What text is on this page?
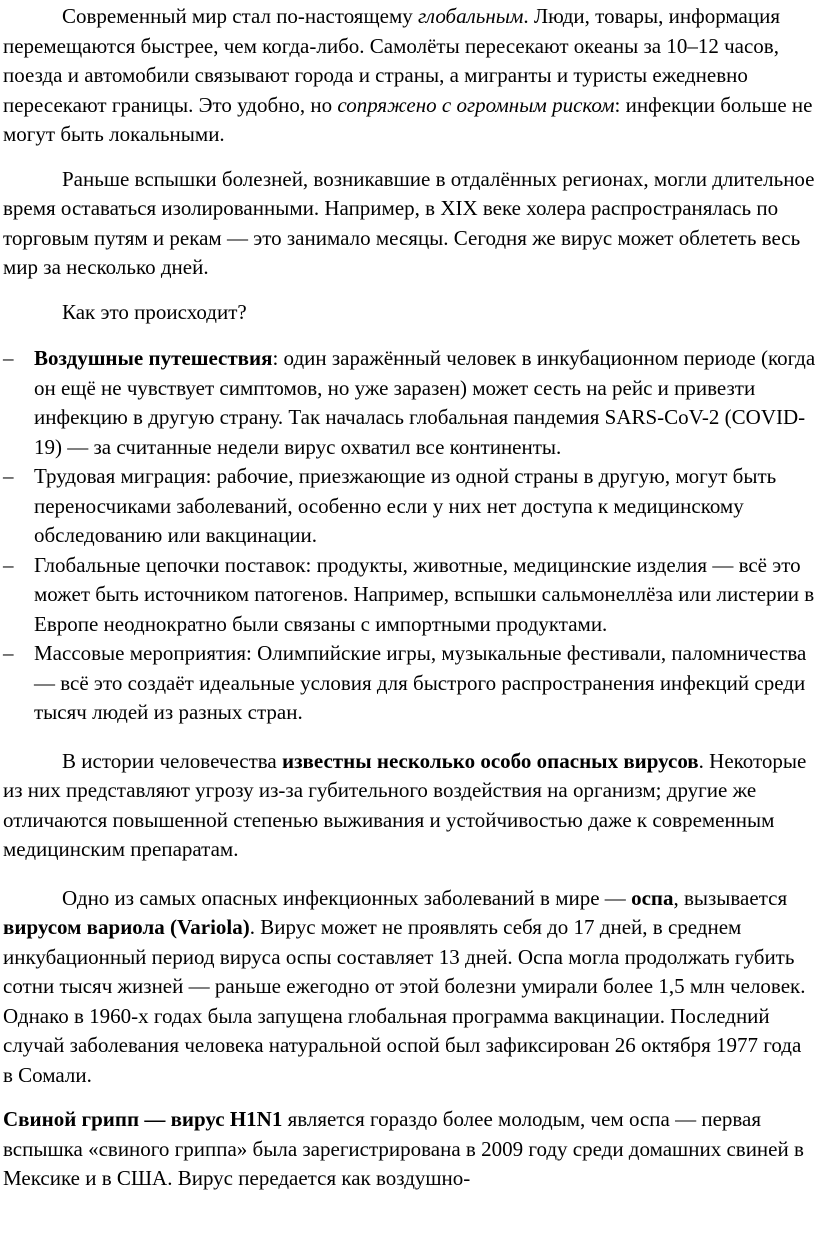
Современный мир стал по-настоящему глобальным. Люди, товары, информация перемещаются быстрее, чем когда-либо. Самолёты пересекают океаны за 10–12 часов, поезда и автомобили связывают города и страны, а мигранты и туристы ежедневно пересекают границы. Это удобно, но сопряжено с огромным риском: инфекции больше не могут быть локальными.

Раньше вспышки болезней, возникавшие в отдалённых регионах, могли длительное время оставаться изолированными. Например, в XIX веке холера распространялась по торговым путям и рекам — это занимало месяцы. Сегодня же вирус может облететь весь мир за несколько дней.

Как это происходит?

– Воздушные путешествия: один заражённый человек в инкубационном периоде (когда он ещё не чувствует симптомов, но уже заразен) может сесть на рейс и привезти инфекцию в другую страну. Так началась глобальная пандемия SARS-CoV-2 (COVID-19) — за считанные недели вирус охватил все континенты.
– Трудовая миграция: рабочие, приезжающие из одной страны в другую, могут быть переносчиками заболеваний, особенно если у них нет доступа к медицинскому обследованию или вакцинации.
– Глобальные цепочки поставок: продукты, животные, медицинские изделия — всё это может быть источником патогенов. Например, вспышки сальмонеллёза или листерии в Европе неоднократно были связаны с импортными продуктами.
– Массовые мероприятия: Олимпийские игры, музыкальные фестивали, паломничества — всё это создаёт идеальные условия для быстрого распространения инфекций среди тысяч людей из разных стран.

В истории человечества известны несколько особо опасных вирусов. Некоторые из них представляют угрозу из-за губительного воздействия на организм; другие же отличаются повышенной степенью выживания и устойчивостью даже к современным медицинским препаратам.

Одно из самых опасных инфекционных заболеваний в мире — оспа, вызывается вирусом вариола (Variola). Вирус может не проявлять себя до 17 дней, в среднем инкубационный период вируса оспы составляет 13 дней. Оспа могла продолжать губить сотни тысяч жизней — раньше ежегодно от этой болезни умирали более 1,5 млн человек. Однако в 1960-х годах была запущена глобальная программа вакцинации. Последний случай заболевания человека натуральной оспой был зафиксирован 26 октября 1977 года в Сомали.

Свиной грипп — вирус H1N1 является гораздо более молодым, чем оспа — первая вспышка «свиного гриппа» была зарегистрирована в 2009 году среди домашних свиней в Мексике и в США. Вирус передается как воздушно-
